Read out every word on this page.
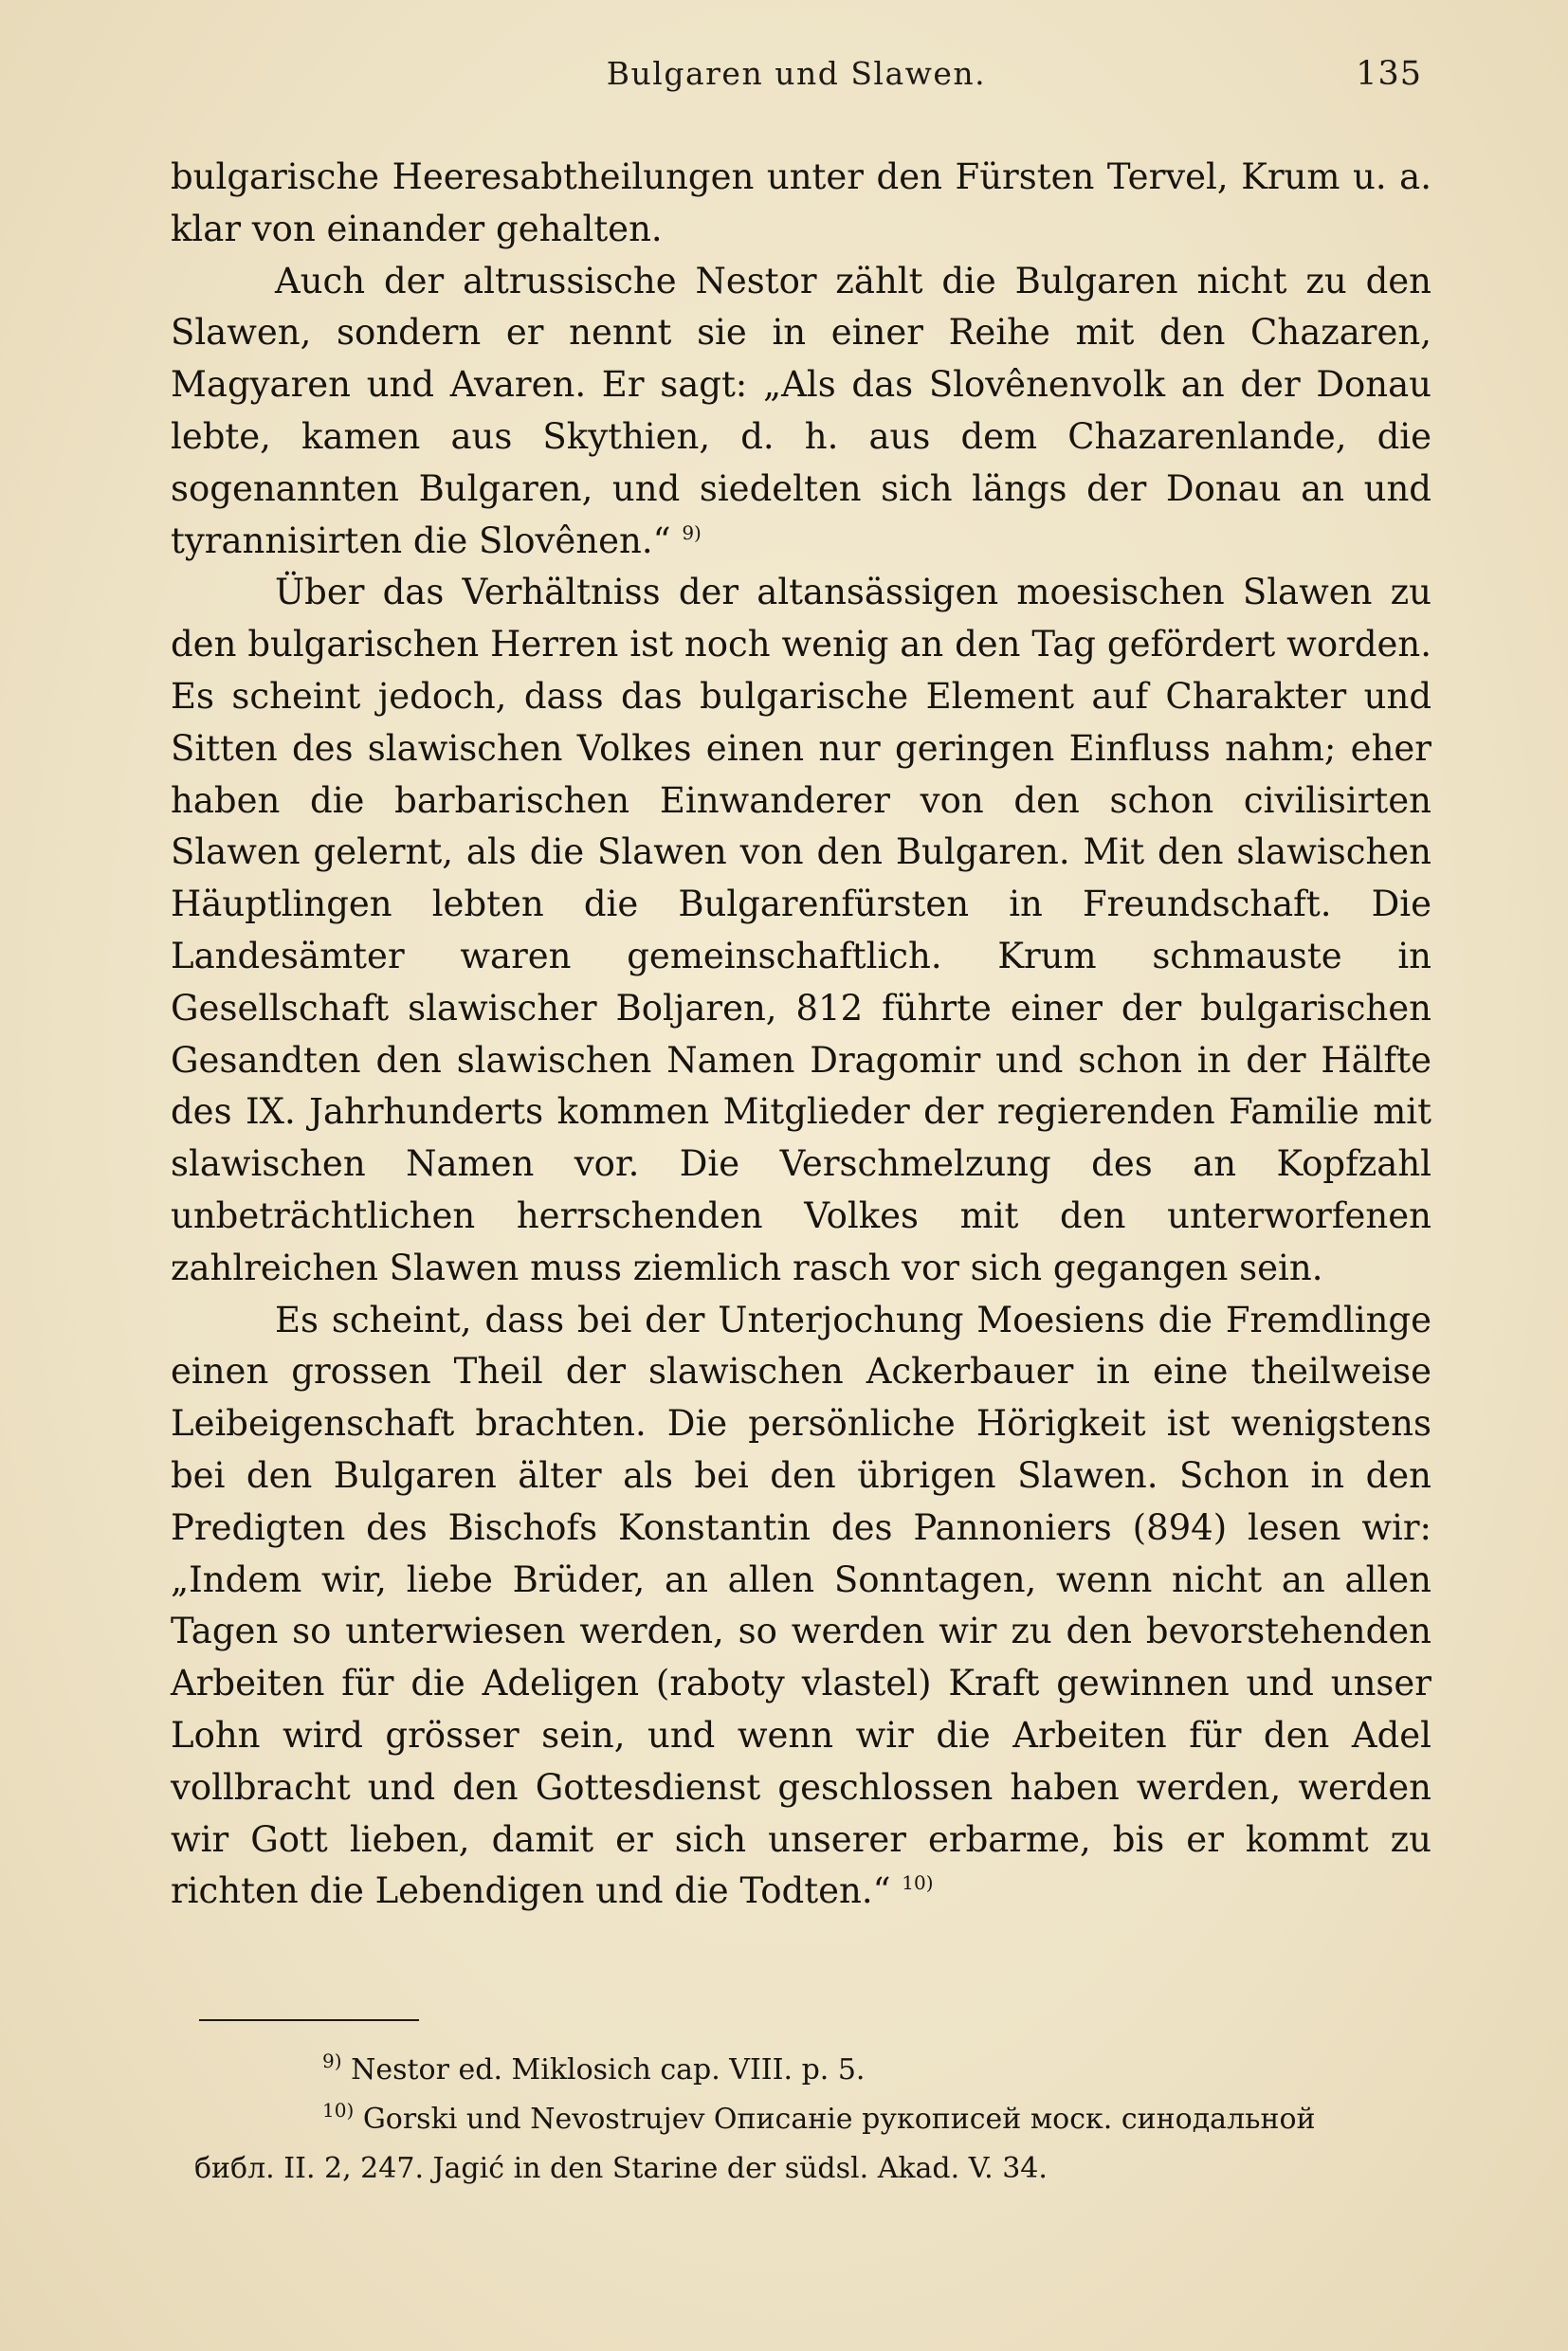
Bulgaren und Slawen.	135

bulgarische Heeresabtheilungen unter den Fürsten Tervel, Krum u. a. klar von einander gehalten.

Auch der altrussische Nestor zählt die Bulgaren nicht zu den Slawen, sondern er nennt sie in einer Reihe mit den Chazaren, Magyaren und Avaren. Er sagt: „Als das Slovênenvolk an der Donau lebte, kamen aus Skythien, d. h. aus dem Chazarenlande, die sogenannten Bulgaren, und siedelten sich längs der Donau an und tyrannisirten die Slovênen.“ $^{9)}$

Über das Verhältniss der altansässigen moesischen Slawen zu den bulgarischen Herren ist noch wenig an den Tag gefördert worden. Es scheint jedoch, dass das bulgarische Element auf Charakter und Sitten des slawischen Volkes einen nur geringen Einfluss nahm; eher haben die barbarischen Einwanderer von den schon civilisirten Slawen gelernt, als die Slawen von den Bulgaren. Mit den slawischen Häuptlingen lebten die Bulgarenfürsten in Freundschaft. Die Landesämter waren gemeinschaftlich. Krum schmauste in Gesellschaft slawischer Boljaren, 812 führte einer der bulgarischen Gesandten den slawischen Namen Dragomir und schon in der Hälfte des IX. Jahrhunderts kommen Mitglieder der regierenden Familie mit slawischen Namen vor. Die Verschmelzung des an Kopfzahl unbeträchtlichen herrschenden Volkes mit den unterworfenen zahlreichen Slawen muss ziemlich rasch vor sich gegangen sein.

Es scheint, dass bei der Unterjochung Moesiens die Fremdlinge einen grossen Theil der slawischen Ackerbauer in eine theilweise Leibeigenschaft brachten. Die persönliche Hörigkeit ist wenigstens bei den Bulgaren älter als bei den übrigen Slawen. Schon in den Predigten des Bischofs Konstantin des Pannoniers (894) lesen wir: „Indem wir, liebe Brüder, an allen Sonntagen, wenn nicht an allen Tagen so unterwiesen werden, so werden wir zu den bevorstehenden Arbeiten für die Adeligen (raboty vlastel) Kraft gewinnen und unser Lohn wird grösser sein, und wenn wir die Arbeiten für den Adel vollbracht und den Gottesdienst geschlossen haben werden, werden wir Gott lieben, damit er sich unserer erbarme, bis er kommt zu richten die Lebendigen und die Todten.“ $^{10)}$

$^{9)}$ Nestor ed. Miklosich cap. VIII. p. 5.

$^{10)}$ Gorski und Nevostrujev Описаніе рукописей моск. синодальной

библ. II. 2, 247. Jagić in den Starine der südsl. Akad. V. 34.
